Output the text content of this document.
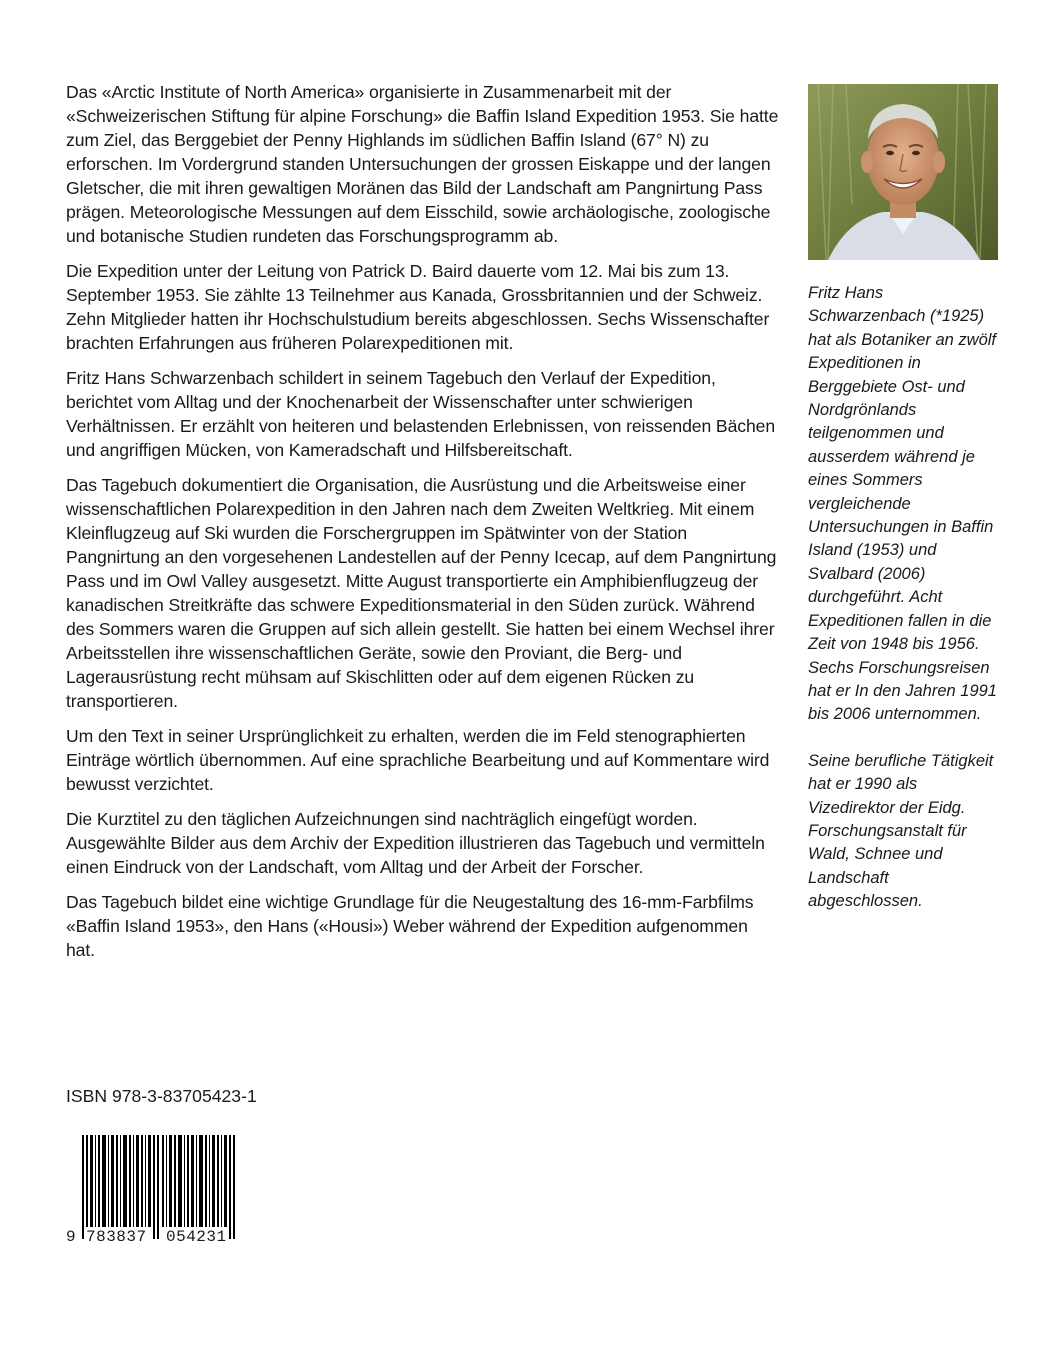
Das «Arctic Institute of North America» organisierte in Zusammenarbeit mit der «Schweizerischen Stiftung für alpine Forschung» die Baffin Island Expedition 1953. Sie hatte zum Ziel, das Berggebiet der Penny Highlands im südlichen Baffin Island (67° N) zu erforschen. Im Vordergrund standen Untersuchungen der grossen Eiskappe und der langen Gletscher, die mit ihren gewaltigen Moränen das Bild der Landschaft am Pangnirtung Pass prägen. Meteorologische Messungen auf dem Eisschild, sowie archäologische, zoologische und botanische Studien rundeten das Forschungsprogramm ab.

Die Expedition unter der Leitung von Patrick D. Baird dauerte vom 12. Mai bis zum 13. September 1953. Sie zählte 13 Teilnehmer aus Kanada, Grossbritannien und der Schweiz. Zehn Mitglieder hatten ihr Hochschulstudium bereits abgeschlossen. Sechs Wissenschafter brachten Erfahrungen aus früheren Polarexpeditionen mit.

Fritz Hans Schwarzenbach schildert in seinem Tagebuch den Verlauf der Expedition, berichtet vom Alltag und der Knochenarbeit der Wissenschafter unter schwierigen Verhältnissen. Er erzählt von heiteren und belastenden Erlebnissen, von reissenden Bächen und angriffigen Mücken, von Kameradschaft und Hilfsbereitschaft.

Das Tagebuch dokumentiert die Organisation, die Ausrüstung und die Arbeitsweise einer wissenschaftlichen Polarexpedition in den Jahren nach dem Zweiten Weltkrieg. Mit einem Kleinflugzeug auf Ski wurden die Forschergruppen im Spätwinter von der Station Pangnirtung an den vorgesehenen Landestellen auf der Penny Icecap, auf dem Pangnirtung Pass und im Owl Valley ausgesetzt. Mitte August transportierte ein Amphibienflugzeug der kanadischen Streitkräfte das schwere Expeditionsmaterial in den Süden zurück. Während des Sommers waren die Gruppen auf sich allein gestellt. Sie hatten bei einem Wechsel ihrer Arbeitsstellen ihre wissenschaftlichen Geräte, sowie den Proviant, die Berg- und Lagerausrüstung recht mühsam auf Skischlitten oder auf dem eigenen Rücken zu transportieren.

Um den Text in seiner Ursprünglichkeit zu erhalten, werden die im Feld stenographierten Einträge wörtlich übernommen. Auf eine sprachliche Bearbeitung und auf Kommentare wird bewusst verzichtet.

Die Kurztitel zu den täglichen Aufzeichnungen sind nachträglich eingefügt worden. Ausgewählte Bilder aus dem Archiv der Expedition illustrieren das Tagebuch und vermitteln einen Eindruck von der Landschaft, vom Alltag und der Arbeit der Forscher.

Das Tagebuch bildet eine wichtige Grundlage für die Neugestaltung des 16-mm-Farbfilms «Baffin Island 1953», den Hans («Housi») Weber während der Expedition aufgenommen hat.

Fritz Hans Schwarzenbach (*1925) hat als Botaniker an zwölf Expeditionen in Berggebiete Ost- und Nordgrönlands teilgenommen und ausserdem während je eines Sommers vergleichende Untersuchungen in Baffin Island (1953) und Svalbard (2006) durchgeführt. Acht Expeditionen fallen in die Zeit von 1948 bis 1956. Sechs Forschungsreisen hat er In den Jahren 1991 bis 2006 unternommen.

Seine berufliche Tätigkeit hat er 1990 als Vizedirektor der Eidg. Forschungsanstalt für Wald, Schnee und Landschaft abgeschlossen.

ISBN 978-3-83705423-1
9 783837 054231
